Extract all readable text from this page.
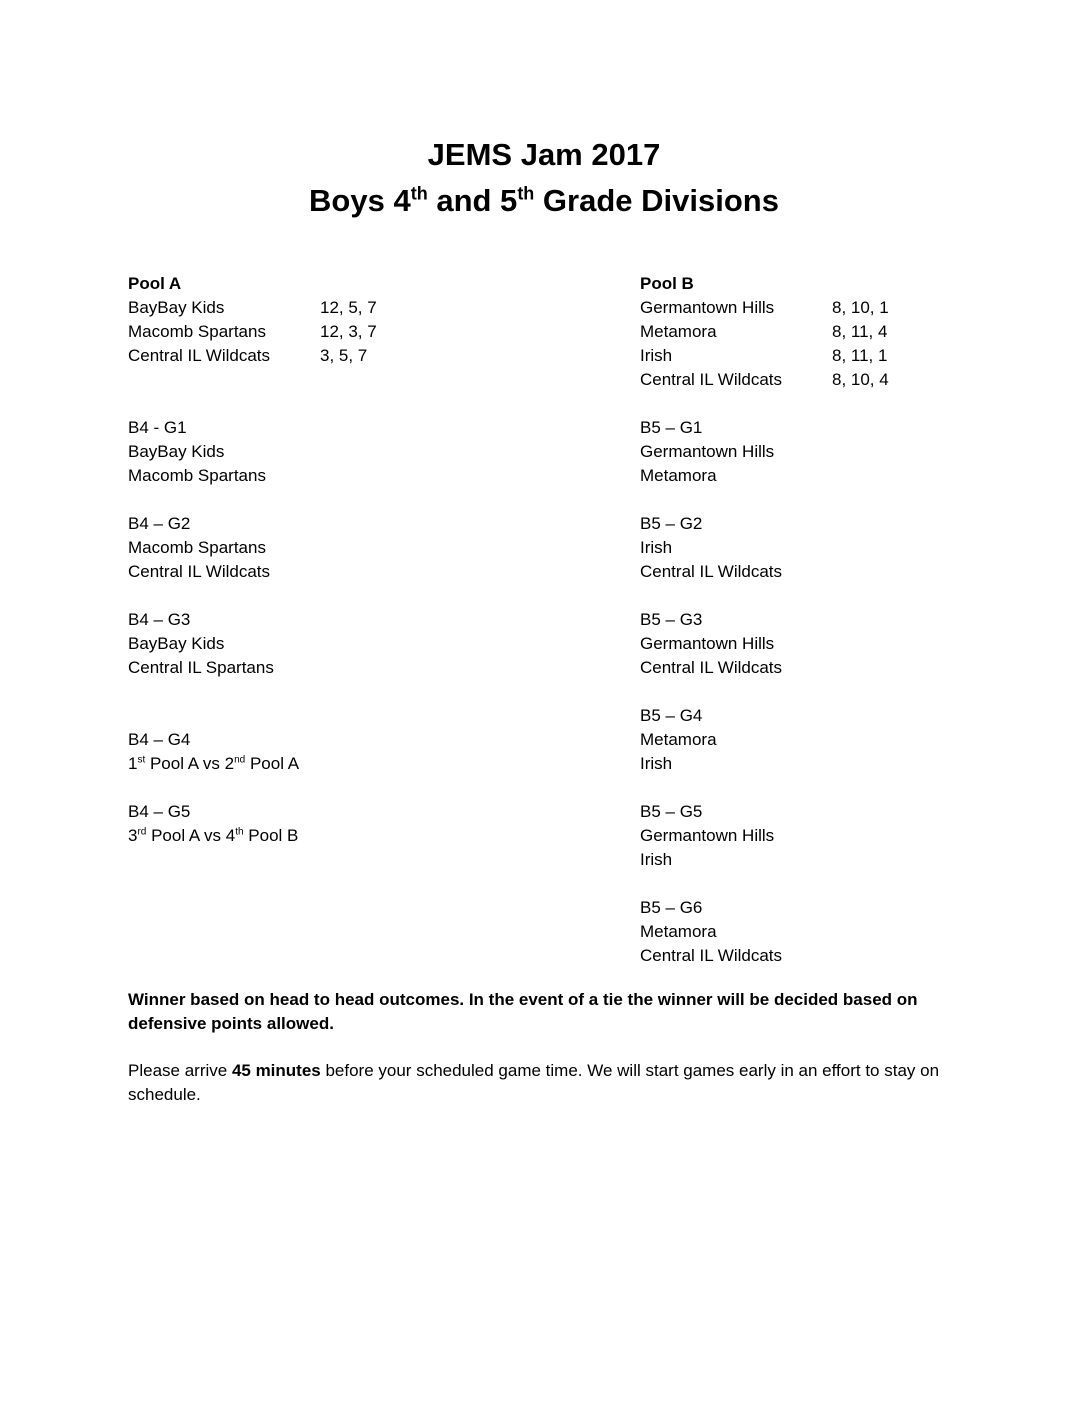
JEMS Jam 2017
Boys 4th and 5th Grade Divisions
Pool A
BayBay Kids	12, 5, 7
Macomb Spartans	12, 3, 7
Central IL Wildcats	3, 5, 7
B4 - G1
BayBay Kids
Macomb Spartans
B4 – G2
Macomb Spartans
Central IL Wildcats
B4 – G3
BayBay Kids
Central IL Spartans
B4 – G4
1st Pool A vs 2nd Pool A
B4 – G5
3rd Pool A vs 4th Pool B
Pool B
Germantown Hills	8, 10, 1
Metamora	8, 11, 4
Irish	8, 11, 1
Central IL Wildcats	8, 10, 4
B5 – G1
Germantown Hills
Metamora
B5 – G2
Irish
Central IL Wildcats
B5 – G3
Germantown Hills
Central IL Wildcats
B5 – G4
Metamora
Irish
B5 – G5
Germantown Hills
Irish
B5 – G6
Metamora
Central IL Wildcats
Winner based on head to head outcomes. In the event of a tie the winner will be decided based on defensive points allowed.
Please arrive 45 minutes before your scheduled game time. We will start games early in an effort to stay on schedule.
